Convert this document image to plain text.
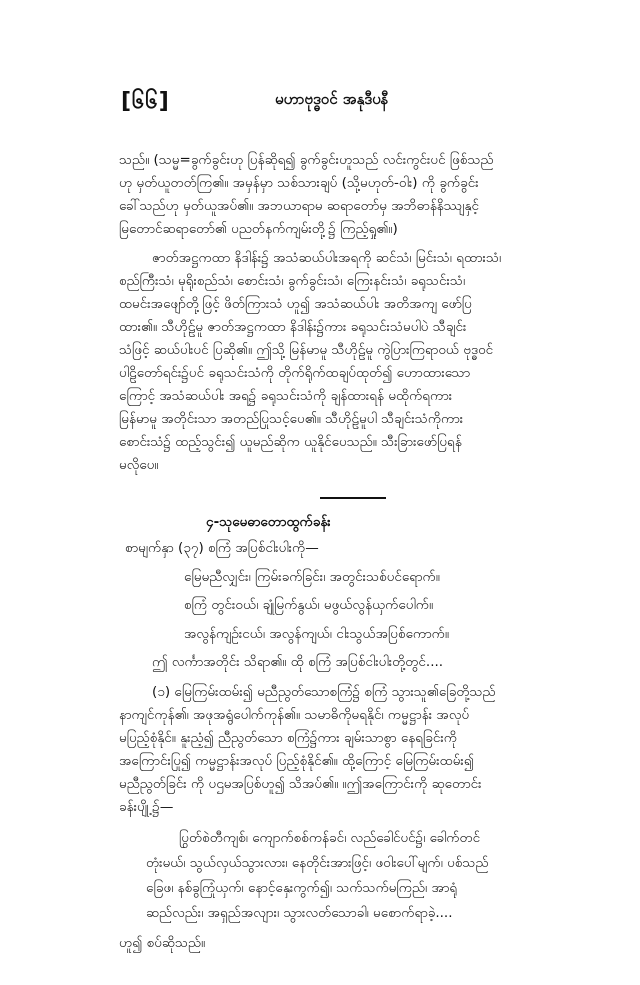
[၆၆]	မဟာဗုဒ္ဓဝင် အနုဒီပနီ
သည်။ (သမ္မ=ခွက်ခွင်းဟု ပြန်ဆိုရ၍ ခွက်ခွင်းဟူသည် လင်းကွင်းပင် ဖြစ်သည်
ဟု မှတ်ယူတတ်ကြ၏။ အမှန်မှာ သစ်သားချပ် (သို့မဟုတ်-ဝါး) ကို ခွက်ခွင်း
ခေါ်သည်ဟု မှတ်ယူအပ်၏။ အဘယာရာမ ဆရာတော်မှ အဘိဓာန်နိဿျနှင့်
မြတောင်ဆရာတော်၏ ပညတ်နက်ကျမ်းတို့၌ ကြည့်ရှု၏။)
ဇာတ်အဋ္ဌကထာ နိဒါန်း၌ အသံဆယ်ပါးအရကို ဆင်သံ၊ မြင်းသံ၊ ရထားသံ၊
စည်ကြီးသံ၊ မုရိုးစည်သံ၊ စောင်းသံ၊ ခွက်ခွင်းသံ၊ ကြေးနင်းသံ၊ ခရုသင်းသံ၊
ထမင်းအဖျော်တို့ဖြင့် ဖိတ်ကြားသံ ဟူ၍ အသံဆယ်ပါး အတိအကျ ဖော်ပြ
ထား၏။ သီဟိုဠ်မူ ဇာတ်အဋ္ဌကထာ နိဒါန်း၌ကား ခရုသင်းသံမပါပဲ သီချင်း
သံဖြင့် ဆယ်ပါးပင် ပြဆို၏။ ဤသို့ မြန်မာမူ သီဟိုဠ်မူ ကွဲပြားကြရာဝယ် ဗုဒ္ဓဝင်
ပါဠိတော်ရင်း၌ပင် ခရုသင်းသံကို တိုက်ရိုက်ထချပ်ထုတ်၍ ဟောထားသော
ကြောင့် အသံဆယ်ပါး အရ၌ ခရုသင်းသံကို ချန်ထားရန် မထိုက်ရကား
မြန်မာမူ အတိုင်းသာ အတည်ပြုသင့်ပေ၏။ သီဟိုဠ်မူပါ သီချင်းသံကိုကား
စောင်းသံ၌ ထည့်သွင်း၍ ယူမည်ဆိုက ယူနိုင်ပေသည်။ သီးခြားဖော်ပြရန်
မလိုပေ။
၄-သုမေဓာတောထွက်ခန်း
စာမျက်နှာ (၃၇) စကြံ အပြစ်ငါးပါးကို—
မြေမညီလျှင်း၊ ကြမ်းခက်ခြင်း၊ အတွင်းသစ်ပင်ရောက်။
စကြံ တွင်းဝယ်၊ ချုံမြက်နွယ်၊ မဖွယ်လွန်ယှက်ပေါက်။
အလွန်ကျဉ်းငယ်၊ အလွန်ကျယ်၊ ငါးသွယ်အပြစ်ကောက်။
ဤ လင်္ကာအတိုင်း သိရာ၏။ ထို စကြံ အပြစ်ငါးပါးတို့တွင်....
(၁) မြေကြမ်းထမ်း၍ မညီညွတ်သောစကြံ၌ စကြံ သွားသူ၏ခြေတို့သည်
နာကျင်ကုန်၏၊ အဖုအရွံပေါက်ကုန်၏။ သမာဓိကိုမရနိုင်၊ ကမ္မဋ္ဌာန်း အလုပ်
မပြည့်စုံနိုင်။ နူးညံ့၍ ညီညွတ်သော စကြံ၌ကား ချမ်းသာစွာ နေရခြင်းကို
အကြောင်းပြု၍ ကမ္မဋ္ဌာန်းအလုပ် ပြည့်စုံနိုင်၏။ ထို့ကြောင့် မြေကြမ်းထမ်း၍
မညီညွတ်ခြင်း ကို ပဌမအပြစ်ဟူ၍ သိအပ်၏။ ။ဤအကြောင်းကို ဆုတောင်း
ခန်းပျို့၌—
ပြွတ်စဲတီကျစ်၊ ကျောက်စစ်ကန်ခင်၊ လည်ခေါင်ပင်၌၊ ခေါက်တင်
တုံးမယ်၊ သွယ်လှယ်သွားလား၊ နေတိုင်းအားဖြင့်၊ ဖဝါးပေါ်မျက်၊ ပစ်သည်
ခြေဖ၊ နစ်ခွကြုံယှက်၊ နောင့်နှေးကွက်၍၊ သက်သက်မကြည်၊ အာရုံ
ဆည်လည်း၊ အရှည်အလျား၊ သွားလတ်သောခါ၊ မစောက်ရာခဲ့....
ဟူ၍ စပ်ဆိုသည်။
